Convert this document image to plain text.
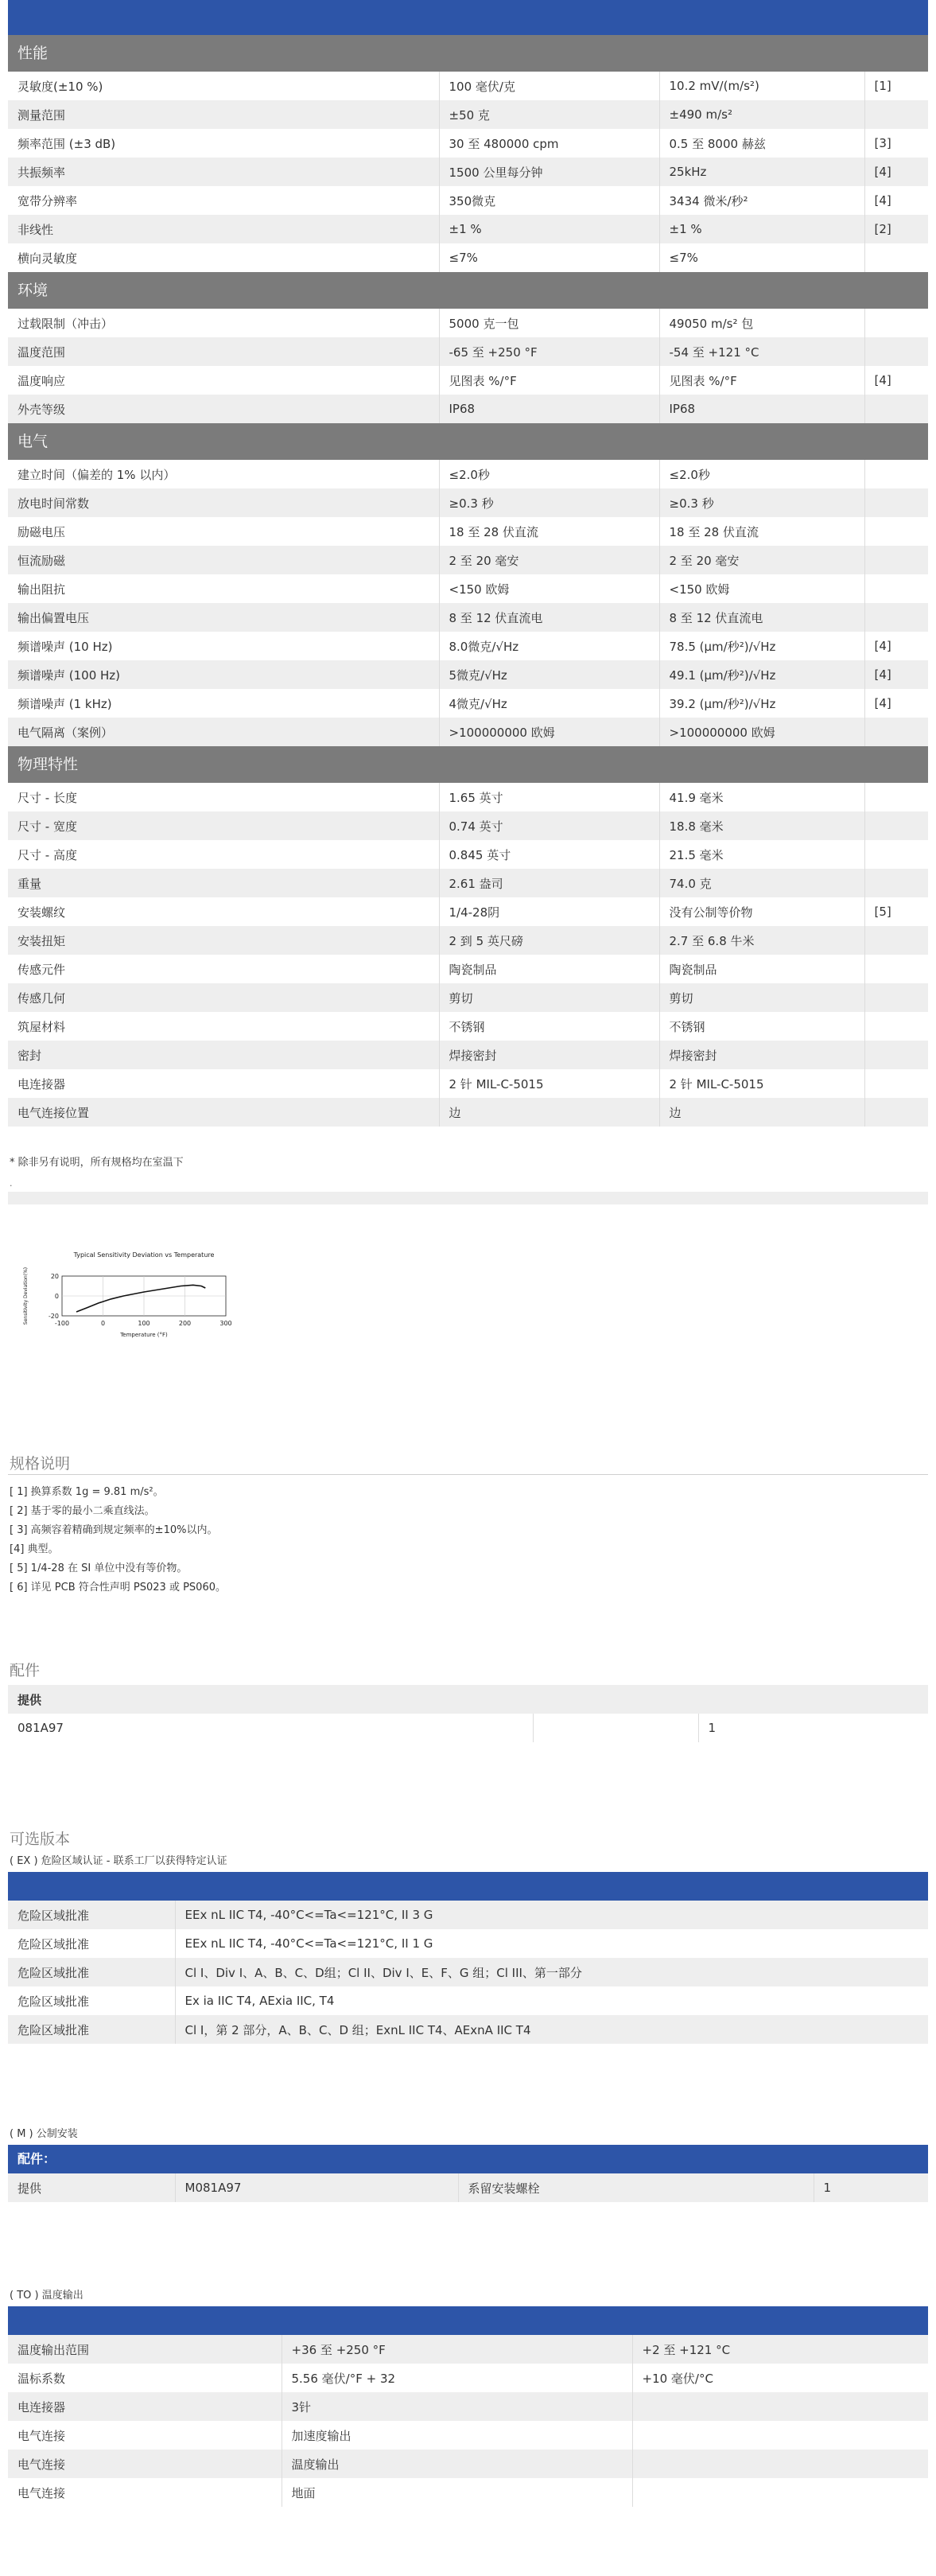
性能
灵敏度(±10 %)	100 毫伏/克	10.2 mV/(m/s²)	[1]
测量范围	±50 克	±490 m/s²	
频率范围 (±3 dB)	30 至 480000 cpm	0.5 至 8000 赫兹	[3]
共振频率	1500 公里每分钟	25kHz	[4]
宽带分辨率	350微克	3434 微米/秒²	[4]
非线性	±1 %	±1 %	[2]
横向灵敏度	≤7%	≤7%	
环境
过载限制（冲击）	5000 克一包	49050 m/s² 包	
温度范围	-65 至 +250 °F	-54 至 +121 °C	
温度响应	见图表 %/°F	见图表 %/°F	[4]
外壳等级	IP68	IP68	
电气
建立时间（偏差的 1% 以内）	≤2.0秒	≤2.0秒	
放电时间常数	≥0.3 秒	≥0.3 秒	
励磁电压	18 至 28 伏直流	18 至 28 伏直流	
恒流励磁	2 至 20 毫安	2 至 20 毫安	
输出阻抗	<150 欧姆	<150 欧姆	
输出偏置电压	8 至 12 伏直流电	8 至 12 伏直流电	
频谱噪声 (10 Hz)	8.0微克/√Hz	78.5 (μm/秒²)/√Hz	[4]
频谱噪声 (100 Hz)	5微克/√Hz	49.1 (μm/秒²)/√Hz	[4]
频谱噪声 (1 kHz)	4微克/√Hz	39.2 (μm/秒²)/√Hz	[4]
电气隔离（案例）	>100000000 欧姆	>100000000 欧姆	
物理特性
尺寸 - 长度	1.65 英寸	41.9 毫米	
尺寸 - 宽度	0.74 英寸	18.8 毫米	
尺寸 - 高度	0.845 英寸	21.5 毫米	
重量	2.61 盎司	74.0 克	
安装螺纹	1/4-28阴	没有公制等价物	[5]
安装扭矩	2 到 5 英尺磅	2.7 至 6.8 牛米	
传感元件	陶瓷制品	陶瓷制品	
传感几何	剪切	剪切	
筑屋材料	不锈钢	不锈钢	
密封	焊接密封	焊接密封	
电连接器	2 针 MIL-C-5015	2 针 MIL-C-5015	
电气连接位置	边	边	
* 除非另有说明，所有规格均在室温下
.
Typical Sensitivity Deviation vs Temperature
-100	0	100	200	300
20
0
-20
Temperature (°F)
Sensitivity Deviation(%)
规格说明
[ 1] 换算系数 1g = 9.81 m/s²。
[ 2] 基于零的最小二乘直线法。
[ 3] 高频容着精确到规定频率的±10%以内。
[4] 典型。
[ 5] 1/4-28 在 SI 单位中没有等价物。
[ 6] 详见 PCB 符合性声明 PS023 或 PS060。
配件
提供
081A97		1
可选版本
( EX ) 危险区域认证 - 联系工厂以获得特定认证
危险区域批准	EEx nL IIC T4, -40°C<=Ta<=121°C, II 3 G
危险区域批准	EEx nL IIC T4, -40°C<=Ta<=121°C, II 1 G
危险区域批准	Cl I、Div I、A、B、C、D组；Cl II、Div I、E、F、G 组；Cl III、第一部分
危险区域批准	Ex ia IIC T4, AExia IIC, T4
危险区域批准	Cl I，第 2 部分，A、B、C、D 组；ExnL IIC T4、AExnA IIC T4
( M ) 公制安装
配件：
提供	M081A97	系留安装螺栓	1
( TO ) 温度输出
温度输出范围	+36 至 +250 °F	+2 至 +121 °C
温标系数	5.56 毫伏/°F + 32	+10 毫伏/°C
电连接器	3针	
电气连接	加速度输出	
电气连接	温度输出	
电气连接	地面	
